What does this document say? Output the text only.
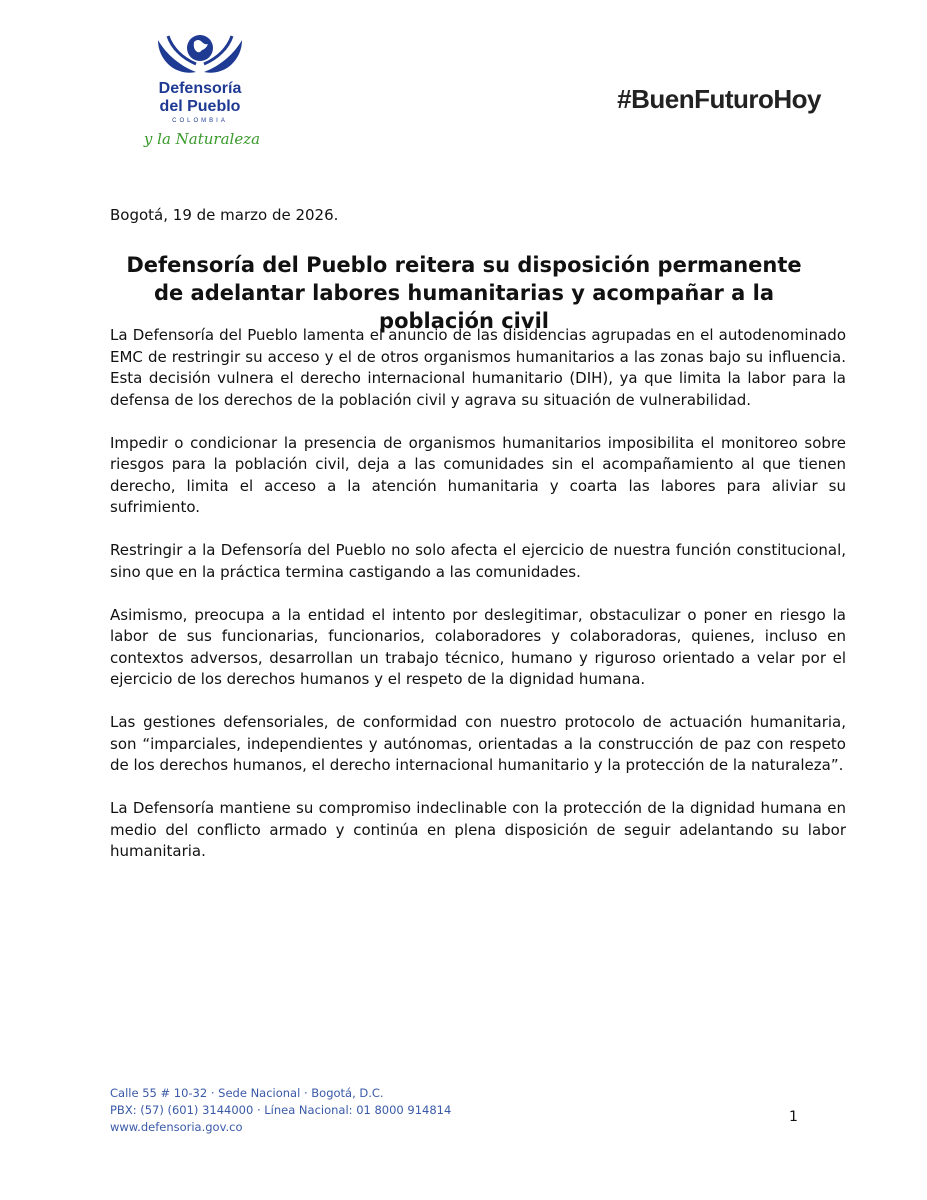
Defensoría
del Pueblo
COLOMBIA
y la Naturaleza
#BuenFuturoHoy
Bogotá, 19 de marzo de 2026.
Defensoría del Pueblo reitera su disposición permanente de adelantar labores humanitarias y acompañar a la población civil

La Defensoría del Pueblo lamenta el anuncio de las disidencias agrupadas en el autodenominado EMC de restringir su acceso y el de otros organismos humanitarios a las zonas bajo su influencia. Esta decisión vulnera el derecho internacional humanitario (DIH), ya que limita la labor para la defensa de los derechos de la población civil y agrava su situación de vulnerabilidad.

Impedir o condicionar la presencia de organismos humanitarios imposibilita el monitoreo sobre riesgos para la población civil, deja a las comunidades sin el acompañamiento al que tienen derecho, limita el acceso a la atención humanitaria y coarta las labores para aliviar su sufrimiento.

Restringir a la Defensoría del Pueblo no solo afecta el ejercicio de nuestra función constitucional, sino que en la práctica termina castigando a las comunidades.

Asimismo, preocupa a la entidad el intento por deslegitimar, obstaculizar o poner en riesgo la labor de sus funcionarias, funcionarios, colaboradores y colaboradoras, quienes, incluso en contextos adversos, desarrollan un trabajo técnico, humano y riguroso orientado a velar por el ejercicio de los derechos humanos y el respeto de la dignidad humana.

Las gestiones defensoriales, de conformidad con nuestro protocolo de actuación humanitaria, son “imparciales, independientes y autónomas, orientadas a la construcción de paz con respeto de los derechos humanos, el derecho internacional humanitario y la protección de la naturaleza”.

La Defensoría mantiene su compromiso indeclinable con la protección de la dignidad humana en medio del conflicto armado y continúa en plena disposición de seguir adelantando su labor humanitaria.

Calle 55 # 10-32 · Sede Nacional · Bogotá, D.C.
PBX: (57) (601) 3144000 · Línea Nacional: 01 8000 914814
www.defensoria.gov.co
1
